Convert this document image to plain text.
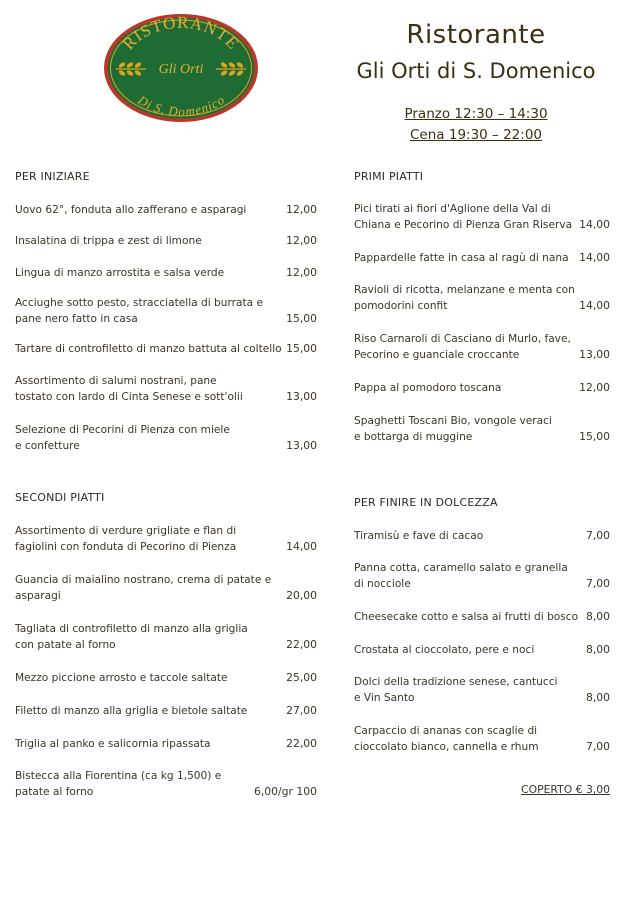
RISTORANTE
Gli Orti
Di S. Domenico
Ristorante
Gli Orti di S. Domenico
Pranzo 12:30 – 14:30
Cena 19:30 – 22:00
PER INIZIARE
Uovo 62°, fonduta allo zafferano e asparagi	12,00
Insalatina di trippa e zest di limone	12,00
Lingua di manzo arrostita e salsa verde	12,00
Acciughe sotto pesto, stracciatella di burrata e pane nero fatto in casa	15,00
Tartare di controfiletto di manzo battuta al coltello 15,00
Assortimento di salumi nostrani, pane tostato con lardo di Cinta Senese e sott'olii	13,00
Selezione di Pecorini di Pienza con miele e confetture	13,00
SECONDI PIATTI
Assortimento di verdure grigliate e flan di fagiolini con fonduta di Pecorino di Pienza	14,00
Guancia di maialino nostrano, crema di patate e asparagi	20,00
Tagliata di controfiletto di manzo alla griglia con patate al forno	22,00
Mezzo piccione arrosto e taccole saltate	25,00
Filetto di manzo alla griglia e bietole saltate	27,00
Triglia al panko e salicornia ripassata	22,00
Bistecca alla Fiorentina (ca kg 1,500) e patate al forno	6,00/gr 100
PRIMI PIATTI
Pici tirati ai fiori d'Aglione della Val di Chiana e Pecorino di Pienza Gran Riserva 14,00
Pappardelle fatte in casa al ragù di nana 14,00
Ravioli di ricotta, melanzane e menta con pomodorini confit	14,00
Riso Carnaroli di Casciano di Murlo, fave, Pecorino e guanciale croccante	13,00
Pappa al pomodoro toscana	12,00
Spaghetti Toscani Bio, vongole veraci e bottarga di muggine	15,00
PER FINIRE IN DOLCEZZA
Tiramisù e fave di cacao	7,00
Panna cotta, caramello salato e granella di nocciole	7,00
Cheesecake cotto e salsa ai frutti di bosco 8,00
Crostata al cioccolato, pere e noci	8,00
Dolci della tradizione senese, cantucci e Vin Santo	8,00
Carpaccio di ananas con scaglie di cioccolato bianco, cannella e rhum	7,00
COPERTO € 3,00
